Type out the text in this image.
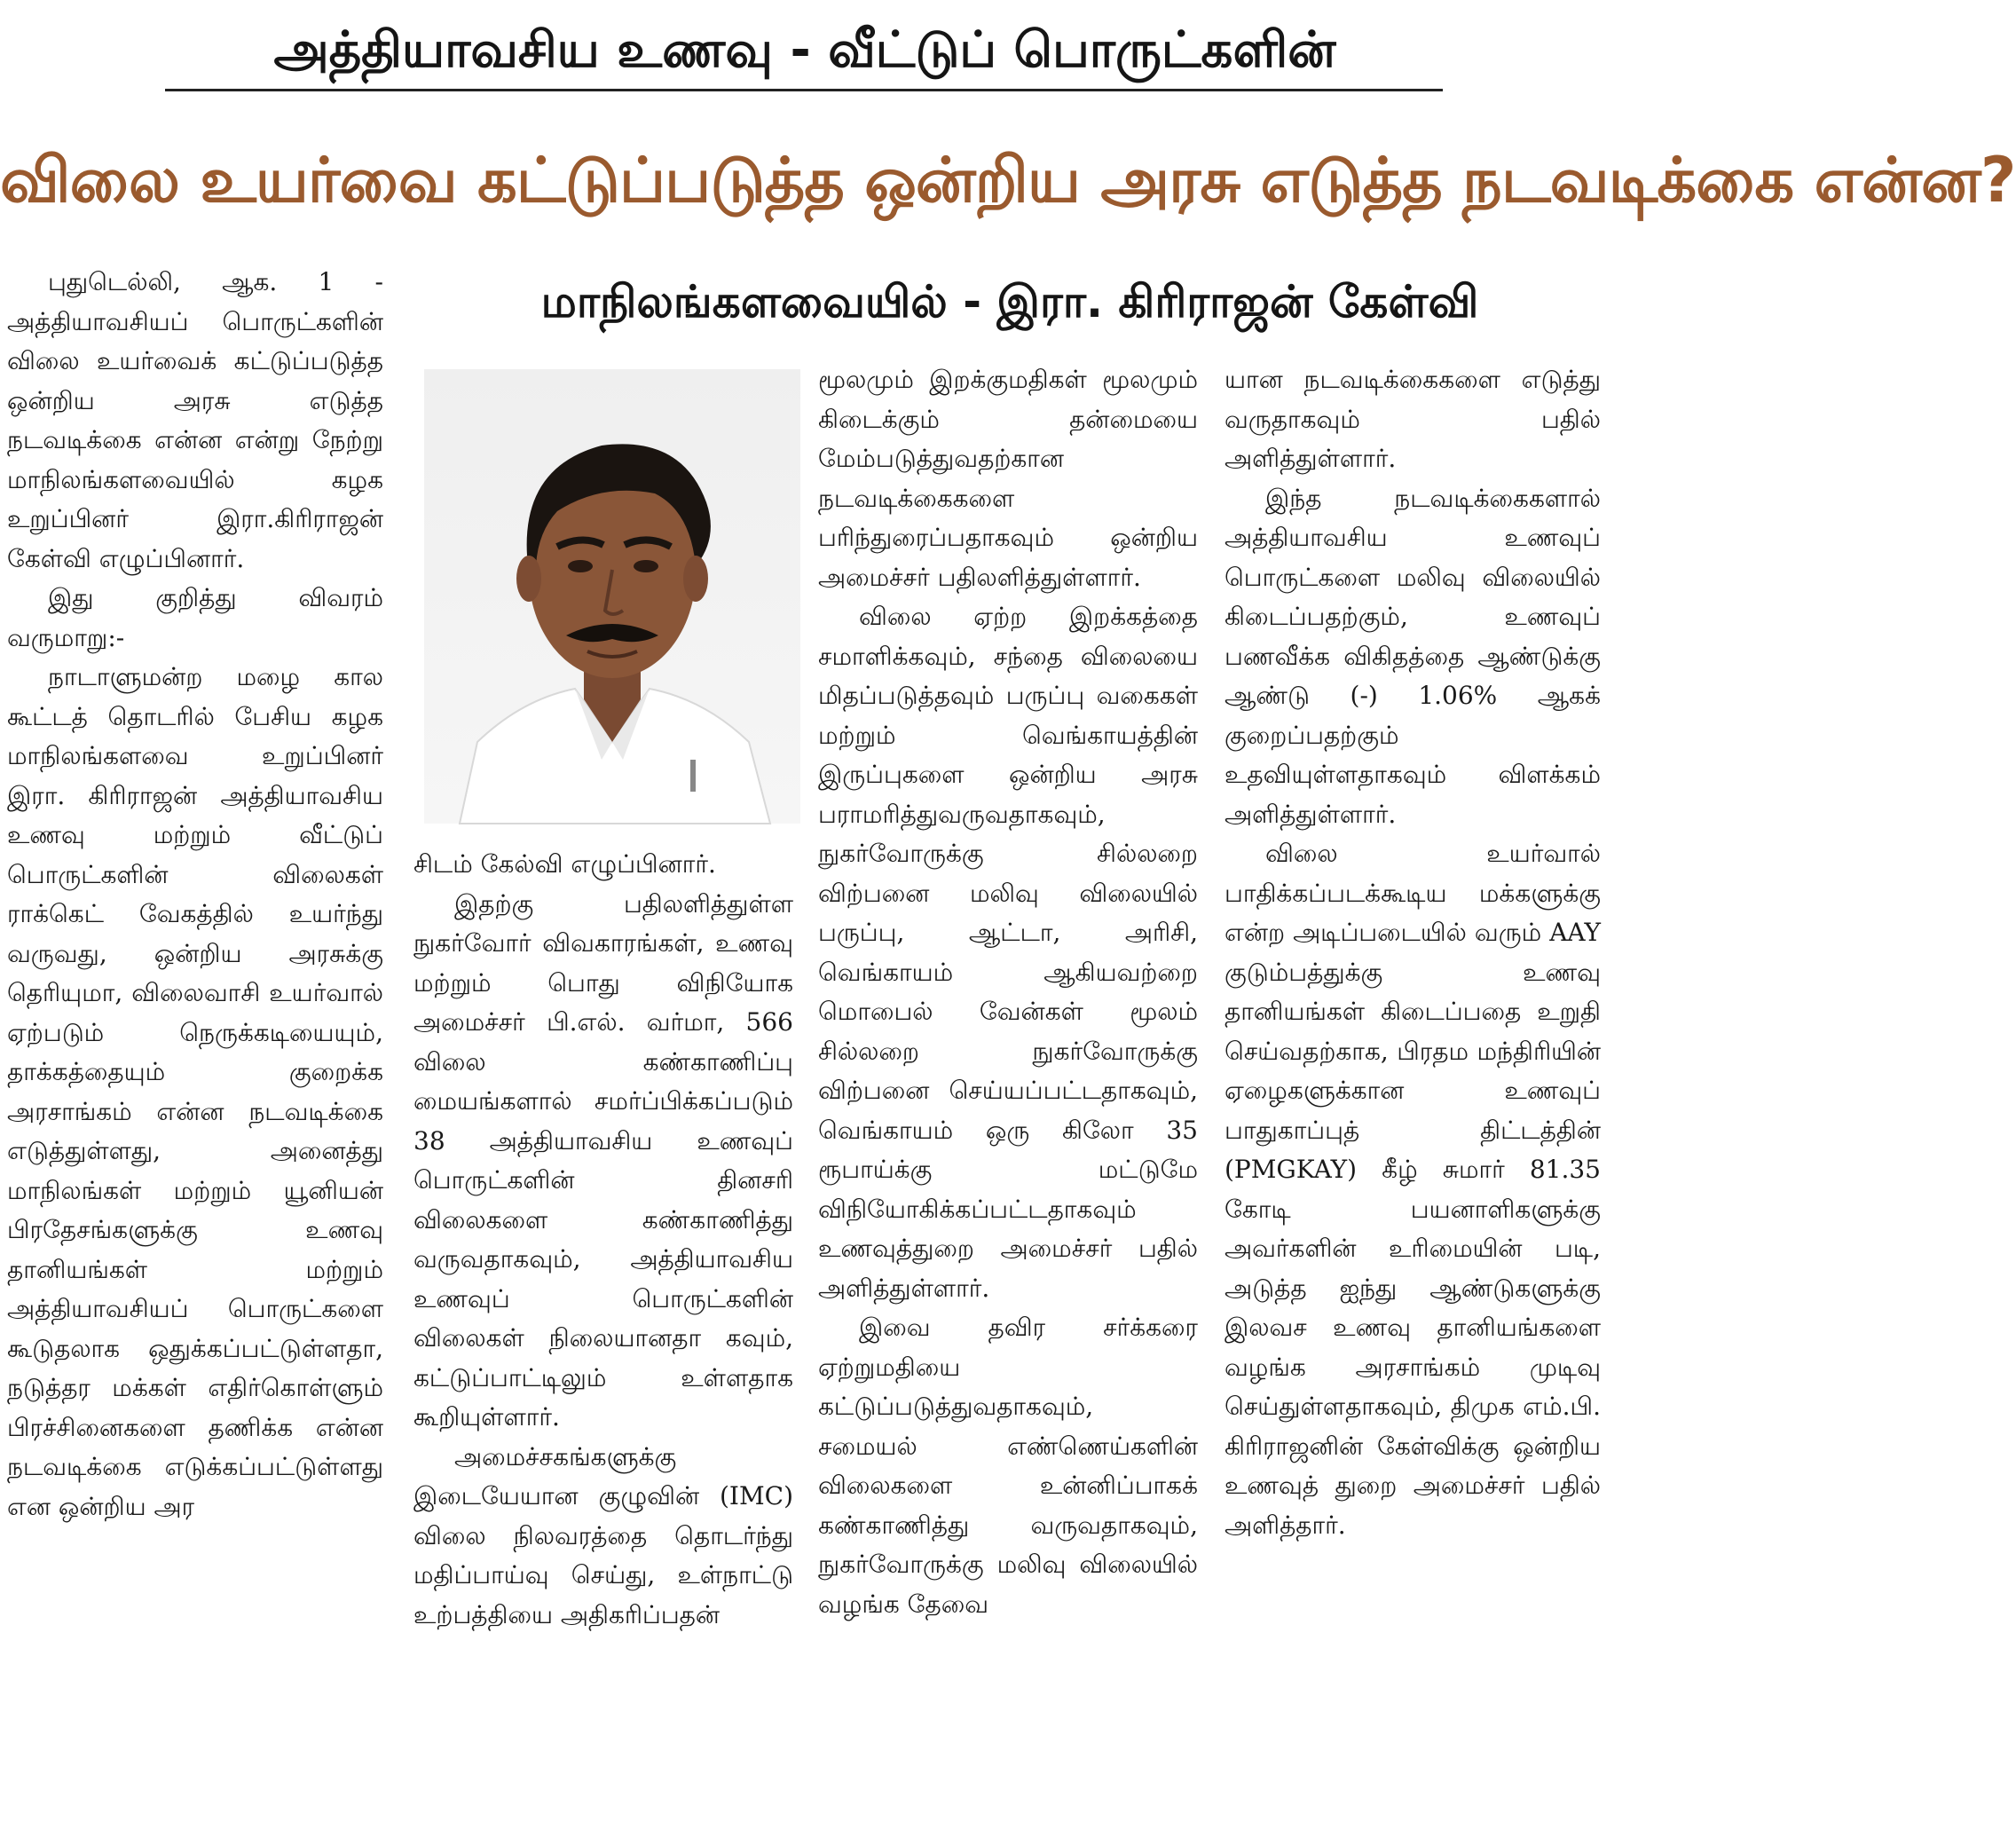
அத்தியாவசிய உணவு - வீட்டுப் பொருட்களின்
விலை உயர்வை கட்டுப்படுத்த ஒன்றிய அரசு எடுத்த நடவடிக்கை என்ன?
மாநிலங்களவையில் - இரா. கிரிராஜன் கேள்வி

புதுடெல்லி, ஆக. 1 - அத்தியாவசியப் பொருட்களின் விலை உயர்வைக் கட்டுப்படுத்த ஒன்றிய அரசு எடுத்த நடவடிக்கை என்ன என்று நேற்று மாநிலங்களவையில் கழக உறுப்பினர் இரா.கிரிராஜன் கேள்வி எழுப்பினார்.

இது குறித்து விவரம் வருமாறு:-

நாடாளுமன்ற மழை கால கூட்டத் தொடரில் பேசிய கழக மாநிலங்களவை உறுப்பினர் இரா. கிரிராஜன் அத்தியாவசிய உணவு மற்றும் வீட்டுப் பொருட்களின் விலைகள் ராக்கெட் வேகத்தில் உயர்ந்து வருவது, ஒன்றிய அரசுக்கு தெரியுமா, விலைவாசி உயர்வால் ஏற்படும் நெருக்கடியையும், தாக்கத்தையும் குறைக்க அரசாங்கம் என்ன நடவடிக்கை எடுத்துள்ளது, அனைத்து மாநிலங்கள் மற்றும் யூனியன் பிரதேசங்களுக்கு உணவு தானியங்கள் மற்றும் அத்தியாவசியப் பொருட்களை கூடுதலாக ஒதுக்கப்பட்டுள்ளதா, நடுத்தர மக்கள் எதிர்கொள்ளும் பிரச்சினைகளை தணிக்க என்ன நடவடிக்கை எடுக்கப்பட்டுள்ளது என ஒன்றிய அர

சிடம் கேல்வி எழுப்பினார்.

இதற்கு பதிலளித்துள்ள நுகர்வோர் விவகாரங்கள், உணவு மற்றும் பொது விநியோக அமைச்சர் பி.எல். வர்மா, 566 விலை கண்காணிப்பு மையங்களால் சமர்ப்பிக்கப்படும் 38 அத்தியாவசிய உணவுப் பொருட்களின் தினசரி விலைகளை கண்காணித்து வருவதாகவும், அத்தியாவசிய உணவுப் பொருட்களின் விலைகள் நிலையானதா கவும், கட்டுப்பாட்டிலும் உள்ளதாக கூறியுள்ளார்.

அமைச்சகங்களுக்கு இடையேயான குழுவின் (IMC) விலை நிலவரத்தை தொடர்ந்து மதிப்பாய்வு செய்து, உள்நாட்டு உற்பத்தியை அதிகரிப்பதன்

மூலமும் இறக்குமதிகள் மூலமும் கிடைக்கும் தன்மையை மேம்படுத்துவதற்கான நடவடிக்கைகளை பரிந்துரைப்பதாகவும் ஒன்றிய அமைச்சர் பதிலளித்துள்ளார்.

விலை ஏற்ற இறக்கத்தை சமாளிக்கவும், சந்தை விலையை மிதப்படுத்தவும் பருப்பு வகைகள் மற்றும் வெங்காயத்தின் இருப்புகளை ஒன்றிய அரசு பராமரித்துவருவதாகவும், நுகர்வோருக்கு சில்லறை விற்பனை மலிவு விலையில் பருப்பு, ஆட்டா, அரிசி, வெங்காயம் ஆகியவற்றை மொபைல் வேன்கள் மூலம் சில்லறை நுகர்வோருக்கு விற்பனை செய்யப்பட்டதாகவும், வெங்காயம் ஒரு கிலோ 35 ரூபாய்க்கு மட்டுமே விநியோகிக்கப்பட்டதாகவும் உணவுத்துறை அமைச்சர் பதில் அளித்துள்ளார்.

இவை தவிர சர்க்கரை ஏற்றுமதியை கட்டுப்படுத்துவதாகவும், சமையல் எண்ணெய்களின் விலைகளை உன்னிப்பாகக் கண்காணித்து வருவதாகவும், நுகர்வோருக்கு மலிவு விலையில் வழங்க தேவை

யான நடவடிக்கைகளை எடுத்து வருதாகவும் பதில் அளித்துள்ளார்.

இந்த நடவடிக்கைகளால் அத்தியாவசிய உணவுப் பொருட்களை மலிவு விலையில் கிடைப்பதற்கும், உணவுப் பணவீக்க விகிதத்தை ஆண்டுக்கு ஆண்டு (-) 1.06% ஆகக் குறைப்பதற்கும் உதவியுள்ளதாகவும் விளக்கம் அளித்துள்ளார்.

விலை உயர்வால் பாதிக்கப்படக்கூடிய மக்களுக்கு என்ற அடிப்படையில் வரும் AAY குடும்பத்துக்கு உணவு தானியங்கள் கிடைப்பதை உறுதி செய்வதற்காக, பிரதம மந்திரியின் ஏழைகளுக்கான உணவுப் பாதுகாப்புத் திட்டத்தின் (PMGKAY) கீழ் சுமார் 81.35 கோடி பயனாளிகளுக்கு அவர்களின் உரிமையின் படி, அடுத்த ஐந்து ஆண்டுகளுக்கு இலவச உணவு தானியங்களை வழங்க அரசாங்கம் முடிவு செய்துள்ளதாகவும், திமுக எம்.பி. கிரிராஜனின் கேள்விக்கு ஒன்றிய உணவுத் துறை அமைச்சர் பதில் அளித்தார்.
